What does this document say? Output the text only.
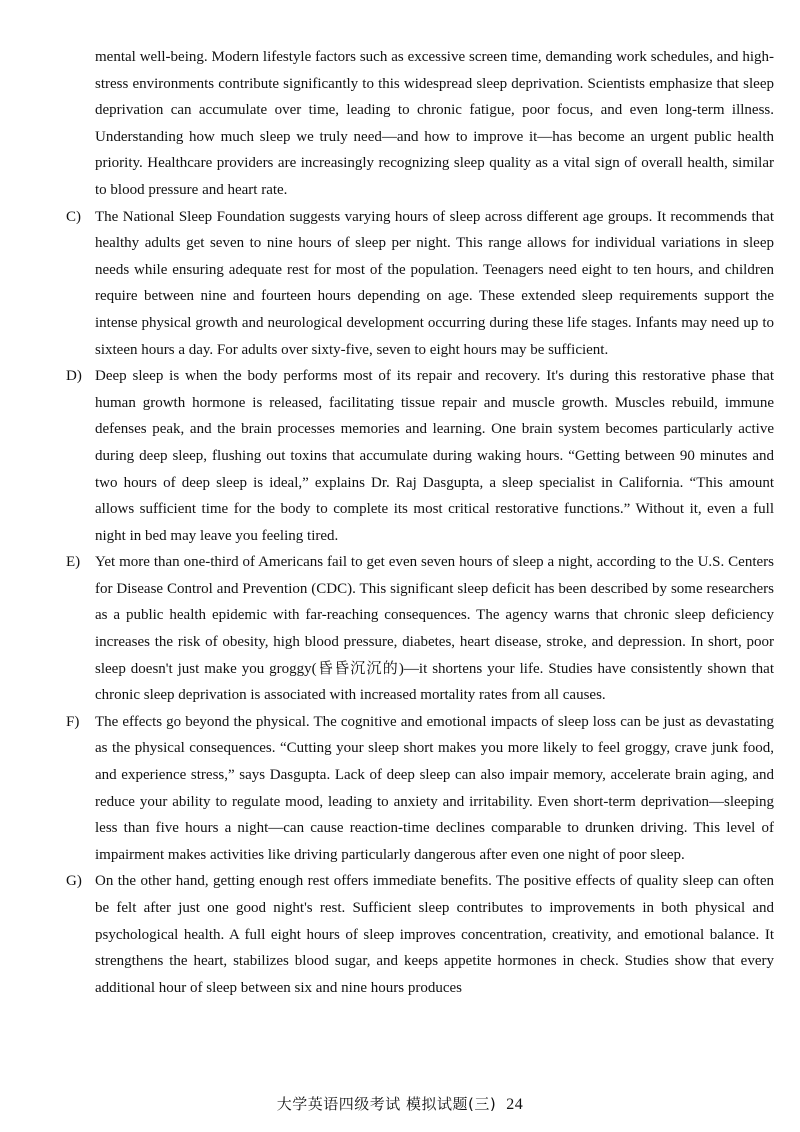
mental well-being. Modern lifestyle factors such as excessive screen time, demanding work schedules, and high-stress environments contribute significantly to this widespread sleep deprivation. Scientists emphasize that sleep deprivation can accumulate over time, leading to chronic fatigue, poor focus, and even long-term illness. Understanding how much sleep we truly need—and how to improve it—has become an urgent public health priority. Healthcare providers are increasingly recognizing sleep quality as a vital sign of overall health, similar to blood pressure and heart rate.

C) The National Sleep Foundation suggests varying hours of sleep across different age groups. It recommends that healthy adults get seven to nine hours of sleep per night. This range allows for individual variations in sleep needs while ensuring adequate rest for most of the population. Teenagers need eight to ten hours, and children require between nine and fourteen hours depending on age. These extended sleep requirements support the intense physical growth and neurological development occurring during these life stages. Infants may need up to sixteen hours a day. For adults over sixty-five, seven to eight hours may be sufficient.

D) Deep sleep is when the body performs most of its repair and recovery. It's during this restorative phase that human growth hormone is released, facilitating tissue repair and muscle growth. Muscles rebuild, immune defenses peak, and the brain processes memories and learning. One brain system becomes particularly active during deep sleep, flushing out toxins that accumulate during waking hours. “Getting between 90 minutes and two hours of deep sleep is ideal,” explains Dr. Raj Dasgupta, a sleep specialist in California. “This amount allows sufficient time for the body to complete its most critical restorative functions.” Without it, even a full night in bed may leave you feeling tired.

E) Yet more than one-third of Americans fail to get even seven hours of sleep a night, according to the U.S. Centers for Disease Control and Prevention (CDC). This significant sleep deficit has been described by some researchers as a public health epidemic with far-reaching consequences. The agency warns that chronic sleep deficiency increases the risk of obesity, high blood pressure, diabetes, heart disease, stroke, and depression. In short, poor sleep doesn't just make you groggy(昏昏沉沉的)—it shortens your life. Studies have consistently shown that chronic sleep deprivation is associated with increased mortality rates from all causes.

F)	The effects go beyond the physical. The cognitive and emotional impacts of sleep loss can be just as devastating as the physical consequences. “Cutting your sleep short makes you more likely to feel groggy, crave junk food, and experience stress,” says Dasgupta. Lack of deep sleep can also impair memory, accelerate brain aging, and reduce your ability to regulate mood, leading to anxiety and irritability. Even short-term deprivation—sleeping less than five hours a night—can cause reaction-time declines comparable to drunken driving. This level of impairment makes activities like driving particularly dangerous after even one night of poor sleep.

G) On the other hand, getting enough rest offers immediate benefits. The positive effects of quality sleep can often be felt after just one good night's rest. Sufficient sleep contributes to improvements in both physical and psychological health. A full eight hours of sleep improves concentration, creativity, and emotional balance. It strengthens the heart, stabilizes blood sugar, and keeps appetite hormones in check. Studies show that every additional hour of sleep between six and nine hours produces

大学英语四级考试 模拟试题(三) 24
